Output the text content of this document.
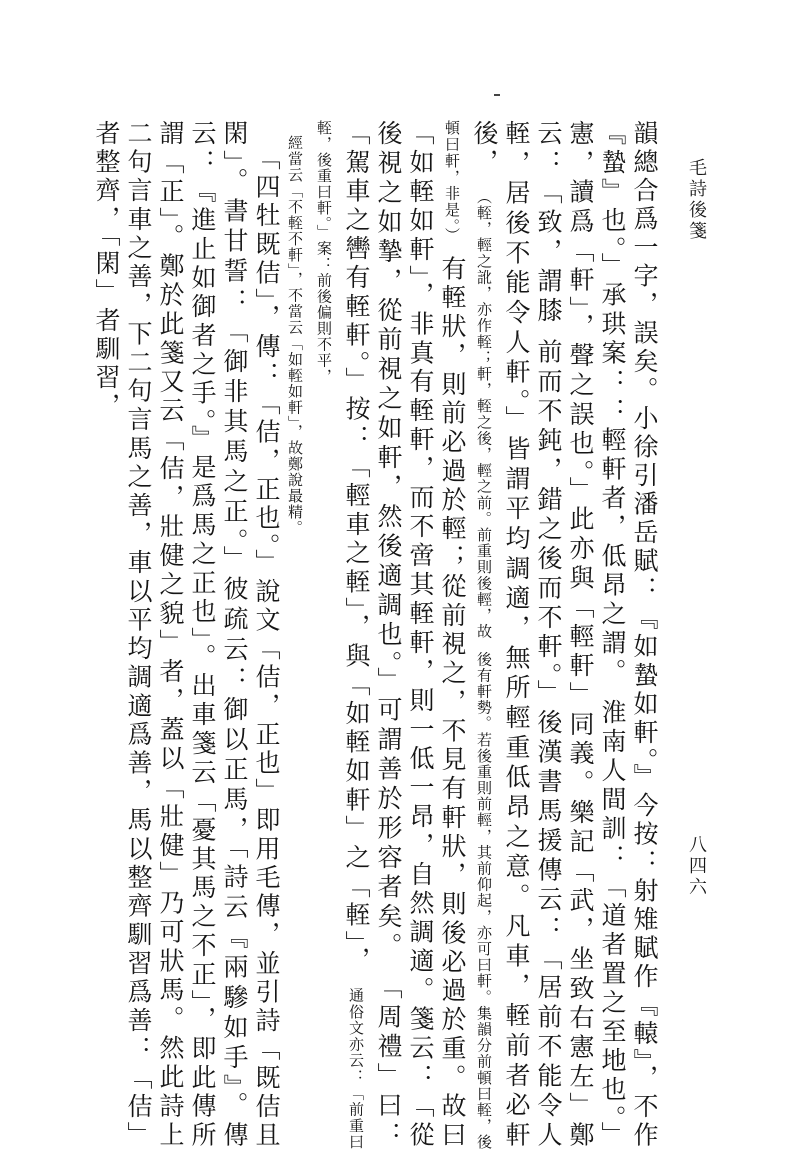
毛詩後箋
八四六

韻總合爲一字，誤矣。小徐引潘岳賦：『如蟄如軒。』今按：射雉賦作『轅』，不作『蟄』也。」承珙案：：輕軒者，低昂之謂。 淮南人間訓：「道者置之至地也。」憲，讀爲「軒」，聲之誤也。」此亦與「輕軒」同義。樂記「武，坐致右憲左」鄭云：「致，謂膝 前而不鈍，錯之後而不軒。」後漢書馬援傳云：「居前不能令人輊，居後不能令人軒。」皆謂平均調適，無所輕重低昂之意。凡車，輊前者必軒後， （輊，輕之訛，亦作輊；軒，輊之後，輕之前。前重則後輕，故 後有軒勢。若後重則前輕，其前仰起，亦可曰軒。集韻分前頓曰輊，後頓曰軒，非是。） 有輊狀，則前必過於輕；從前視之，不見有軒狀，則後必過於重。故曰「如輊如軒」，非真有輊軒，而不啻其輊軒，則一低一昂，自然調適。箋云：「從後視之如摯，從前視之如軒，然後適調也。」可謂善於形容者矣。 「周禮」曰：「駕車之轡有輊軒。」按：「輕車之輊」，與「如輊如軒」之「輊」， 通俗文亦云：「前重曰輊，後重曰軒。」案：前後偏則不平，

經當云「不輊不軒」，不當云「如輊如軒」，故鄭說最精。

「四牡既佶」，傳：「佶，正也。」說文「佶，正也」即用毛傳，並引詩「既佶且閑」。書甘誓：「御非其馬之正。」彼疏云：御以正馬，「詩云『兩驂如手』。傳云：『進止如御者之手。』是爲馬之正也」。出車箋云「憂其馬之不正」，即此傳所謂「正」。鄭於此箋又云「佶，壯健之貌」者，蓋以「壯健」乃可狀馬。然此詩上二句言車之善，下二句言馬之善，車以平均調適爲善，馬以整齊馴習爲善：「佶」者整齊，「閑」者馴習，
